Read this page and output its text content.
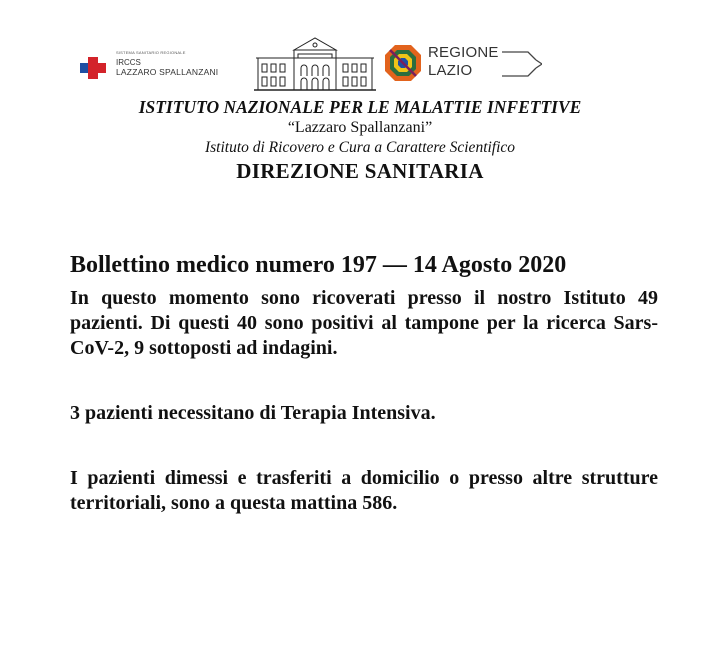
SISTEMA SANITARIO REGIONALE
IRCCS
LAZZARO SPALLANZANI
REGIONE
LAZIO

ISTITUTO NAZIONALE PER LE MALATTIE INFETTIVE

“Lazzaro Spallanzani”

Istituto di Ricovero e Cura a Carattere Scientifico

DIREZIONE SANITARIA

Bollettino medico numero 197 — 14 Agosto 2020

In questo momento sono ricoverati presso il nostro Istituto 49 pazienti. Di questi 40 sono positivi al tampone per la ricerca Sars-CoV-2, 9 sottoposti ad indagini.

3 pazienti necessitano di Terapia Intensiva.

I pazienti dimessi e trasferiti a domicilio o presso altre strutture territoriali, sono a questa mattina 586.
